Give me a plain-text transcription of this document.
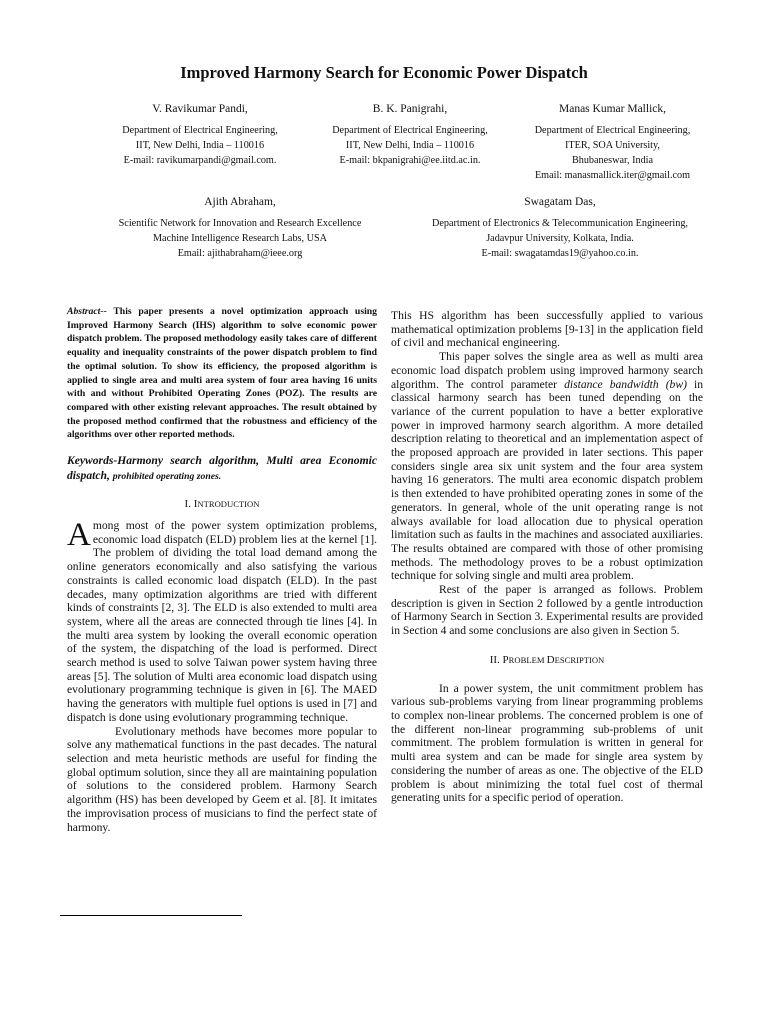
Improved Harmony Search for Economic Power Dispatch
V. Ravikumar Pandi,
Department of Electrical Engineering,
IIT, New Delhi, India – 110016
E-mail: ravikumarpandi@gmail.com.
B. K. Panigrahi,
Department of Electrical Engineering,
IIT, New Delhi, India – 110016
E-mail: bkpanigrahi@ee.iitd.ac.in.
Manas Kumar Mallick,
Department of Electrical Engineering,
ITER, SOA University,
Bhubaneswar, India
Email: manasmallick.iter@gmail.com
Ajith Abraham,
Scientific Network for Innovation and Research Excellence
Machine Intelligence Research Labs, USA
Email: ajithabraham@ieee.org
Swagatam Das,
Department of Electronics & Telecommunication Engineering,
Jadavpur University, Kolkata, India.
E-mail: swagatamdas19@yahoo.co.in.
Abstract-- This paper presents a novel optimization approach using Improved Harmony Search (IHS) algorithm to solve economic power dispatch problem. The proposed methodology easily takes care of different equality and inequality constraints of the power dispatch problem to find the optimal solution. To show its efficiency, the proposed algorithm is applied to single area and multi area system of four area having 16 units with and without Prohibited Operating Zones (POZ). The results are compared with other existing relevant approaches. The result obtained by the proposed method confirmed that the robustness and efficiency of the algorithms over other reported methods.
Keywords-Harmony search algorithm, Multi area Economic dispatch, prohibited operating zones.
I. INTRODUCTION

Among most of the power system optimization problems, economic load dispatch (ELD) problem lies at the kernel [1]. The problem of dividing the total load demand among the online generators economically and also satisfying the various constraints is called economic load dispatch (ELD). In the past decades, many optimization algorithms are tried with different kinds of constraints [2, 3]. The ELD is also extended to multi area system, where all the areas are connected through tie lines [4]. In the multi area system by looking the overall economic operation of the system, the dispatching of the load is performed. Direct search method is used to solve Taiwan power system having three areas [5]. The solution of Multi area economic load dispatch using evolutionary programming technique is given in [6]. The MAED having the generators with multiple fuel options is used in [7] and dispatch is done using evolutionary programming technique.

Evolutionary methods have becomes more popular to solve any mathematical functions in the past decades. The natural selection and meta heuristic methods are useful for finding the global optimum solution, since they all are maintaining population of solutions to the considered problem. Harmony Search algorithm (HS) has been developed by Geem et al. [8]. It imitates the improvisation process of musicians to find the perfect state of harmony.

This HS algorithm has been successfully applied to various mathematical optimization problems [9-13] in the application field of civil and mechanical engineering.

This paper solves the single area as well as multi area economic load dispatch problem using improved harmony search algorithm. The control parameter distance bandwidth (bw) in classical harmony search has been tuned depending on the variance of the current population to have a better explorative power in improved harmony search algorithm. A more detailed description relating to theoretical and an implementation aspect of the proposed approach are provided in later sections. This paper considers single area six unit system and the four area system having 16 generators. The multi area economic dispatch problem is then extended to have prohibited operating zones in some of the generators. In general, whole of the unit operating range is not always available for load allocation due to physical operation limitation such as faults in the machines and associated auxiliaries. The results obtained are compared with those of other promising methods. The methodology proves to be a robust optimization technique for solving single and multi area problem.

Rest of the paper is arranged as follows. Problem description is given in Section 2 followed by a gentle introduction of Harmony Search in Section 3. Experimental results are provided in Section 4 and some conclusions are also given in Section 5.

II. PROBLEM DESCRIPTION

In a power system, the unit commitment problem has various sub-problems varying from linear programming problems to complex non-linear problems. The concerned problem is one of the different non-linear programming sub-problems of unit commitment. The problem formulation is written in general for multi area system and can be made for single area system by considering the number of areas as one. The objective of the ELD problem is about minimizing the total fuel cost of thermal generating units for a specific period of operation.
